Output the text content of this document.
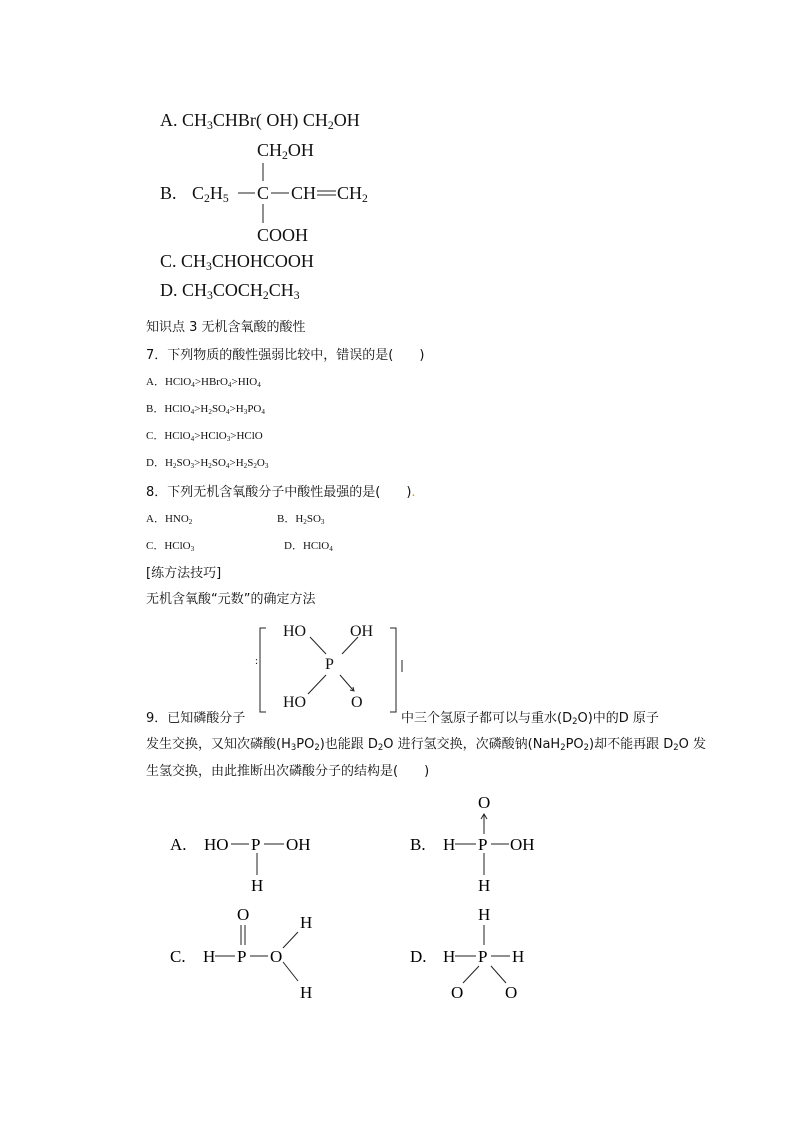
A. $CH_3CHBr$( OH) $CH_2OH$
B.
$CH_2OH$
$C_2H_5$ C CH $CH_2$
COOH
C. $CH_3CHOHCOOH$
D. $CH_3COCH_2CH_3$
知识点 3 无机含氧酸的酸性
7．下列物质的酸性强弱比较中，错误的是(　　)
A．$HClO_4>HBrO_4>HIO_4$
B．$HClO_4>H_2SO_4>H_3PO_4$
C．HClO$_4$>HClO$_3$>HClO
D．$H_2SO_3>H_2SO_4>H_2S_2O_3$
8．下列无机含氧酸分子中酸性最强的是(　　).
A．$HNO_2$	B．$H_2SO_3$
C．HClO$_3$	D．HClO$_4$
[练方法技巧]
无机含氧酸“元数”的确定方法
HO	OH
P
HO	O
:
9．已知磷酸分子	中三个氢原子都可以与重水$(D_2O)$中的D 原子
发生交换，又知次磷酸$(H_3PO_2)$也能跟 $D_2O$ 进行氢交换，次磷酸钠$(NaH_2PO_2)$却不能再跟 $D_2O$ 发
生氢交换，由此推断出次磷酸分子的结构是(　　)
A. HO P OH
H
B.
O
H P OH
H
C.
O
H P O
H
H
D.
H
H P H
O O
